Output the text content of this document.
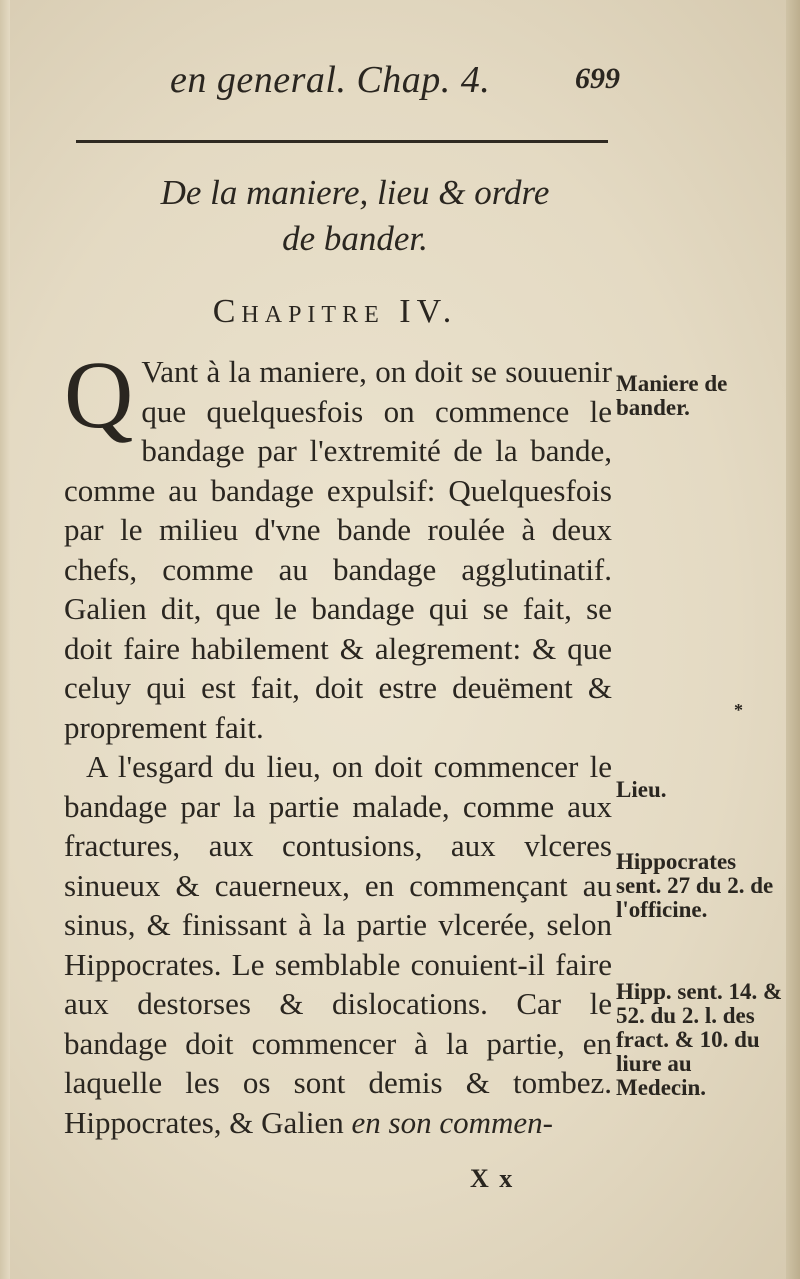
en general. Chap. 4.	699
De la maniere, lieu & ordre
de bander.
Chapitre IV.

Q Vant à la maniere, on doit se souuenir que quelquesfois on commence le bandage par l'extremité de la bande, comme au bandage expulsif: Quelquesfois par le milieu d'vne bande roulée à deux chefs, comme au bandage agglutinatif. Galien dit, que le bandage qui se fait, se doit faire habilement & alegrement: & que celuy qui est fait, doit estre deuëment & proprement fait.

A l'esgard du lieu, on doit commencer le bandage par la partie malade, comme aux fractures, aux contusions, aux vlceres sinueux & cauerneux, en commençant au sinus, & finissant à la partie vlcerée, selon Hippocrates. Le semblable conuient-il faire aux destorses & dislocations. Car le bandage doit commencer à la partie, en laquelle les os sont demis & tombez. Hippocrates, & Galien en son commen-

Maniere de bander.
Lieu.
Hippocrates sent. 27 du 2. de l'officine.
Hipp. sent. 14. & 52. du 2. l. des fract. & 10. du liure au Medecin.
*
X x
